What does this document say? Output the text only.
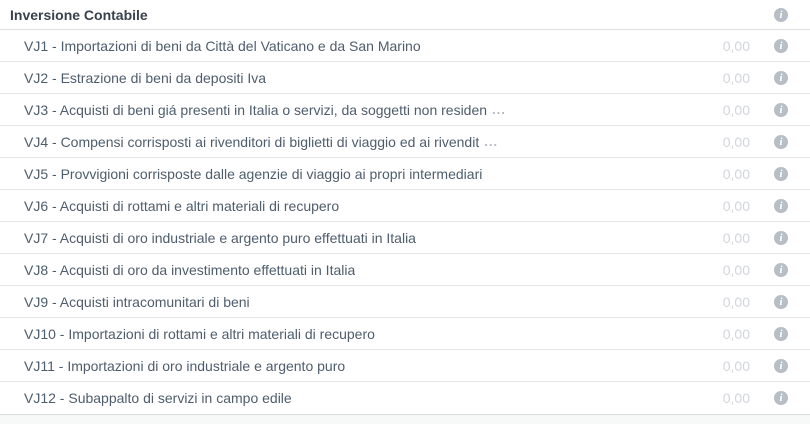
Inversione Contabile	i
VJ1 - Importazioni di beni da Città del Vaticano e da San Marino	0,00	i
VJ2 - Estrazione di beni da depositi Iva	0,00	i
VJ3 - Acquisti di beni giá presenti in Italia o servizi, da soggetti non residen ...	0,00	i
VJ4 - Compensi corrisposti ai rivenditori di biglietti di viaggio ed ai rivendit ...	0,00	i
VJ5 - Provvigioni corrisposte dalle agenzie di viaggio ai propri intermediari	0,00	i
VJ6 - Acquisti di rottami e altri materiali di recupero	0,00	i
VJ7 - Acquisti di oro industriale e argento puro effettuati in Italia	0,00	i
VJ8 - Acquisti di oro da investimento effettuati in Italia	0,00	i
VJ9 - Acquisti intracomunitari di beni	0,00	i
VJ10 - Importazioni di rottami e altri materiali di recupero	0,00	i
VJ11 - Importazioni di oro industriale e argento puro	0,00	i
VJ12 - Subappalto di servizi in campo edile	0,00	i
